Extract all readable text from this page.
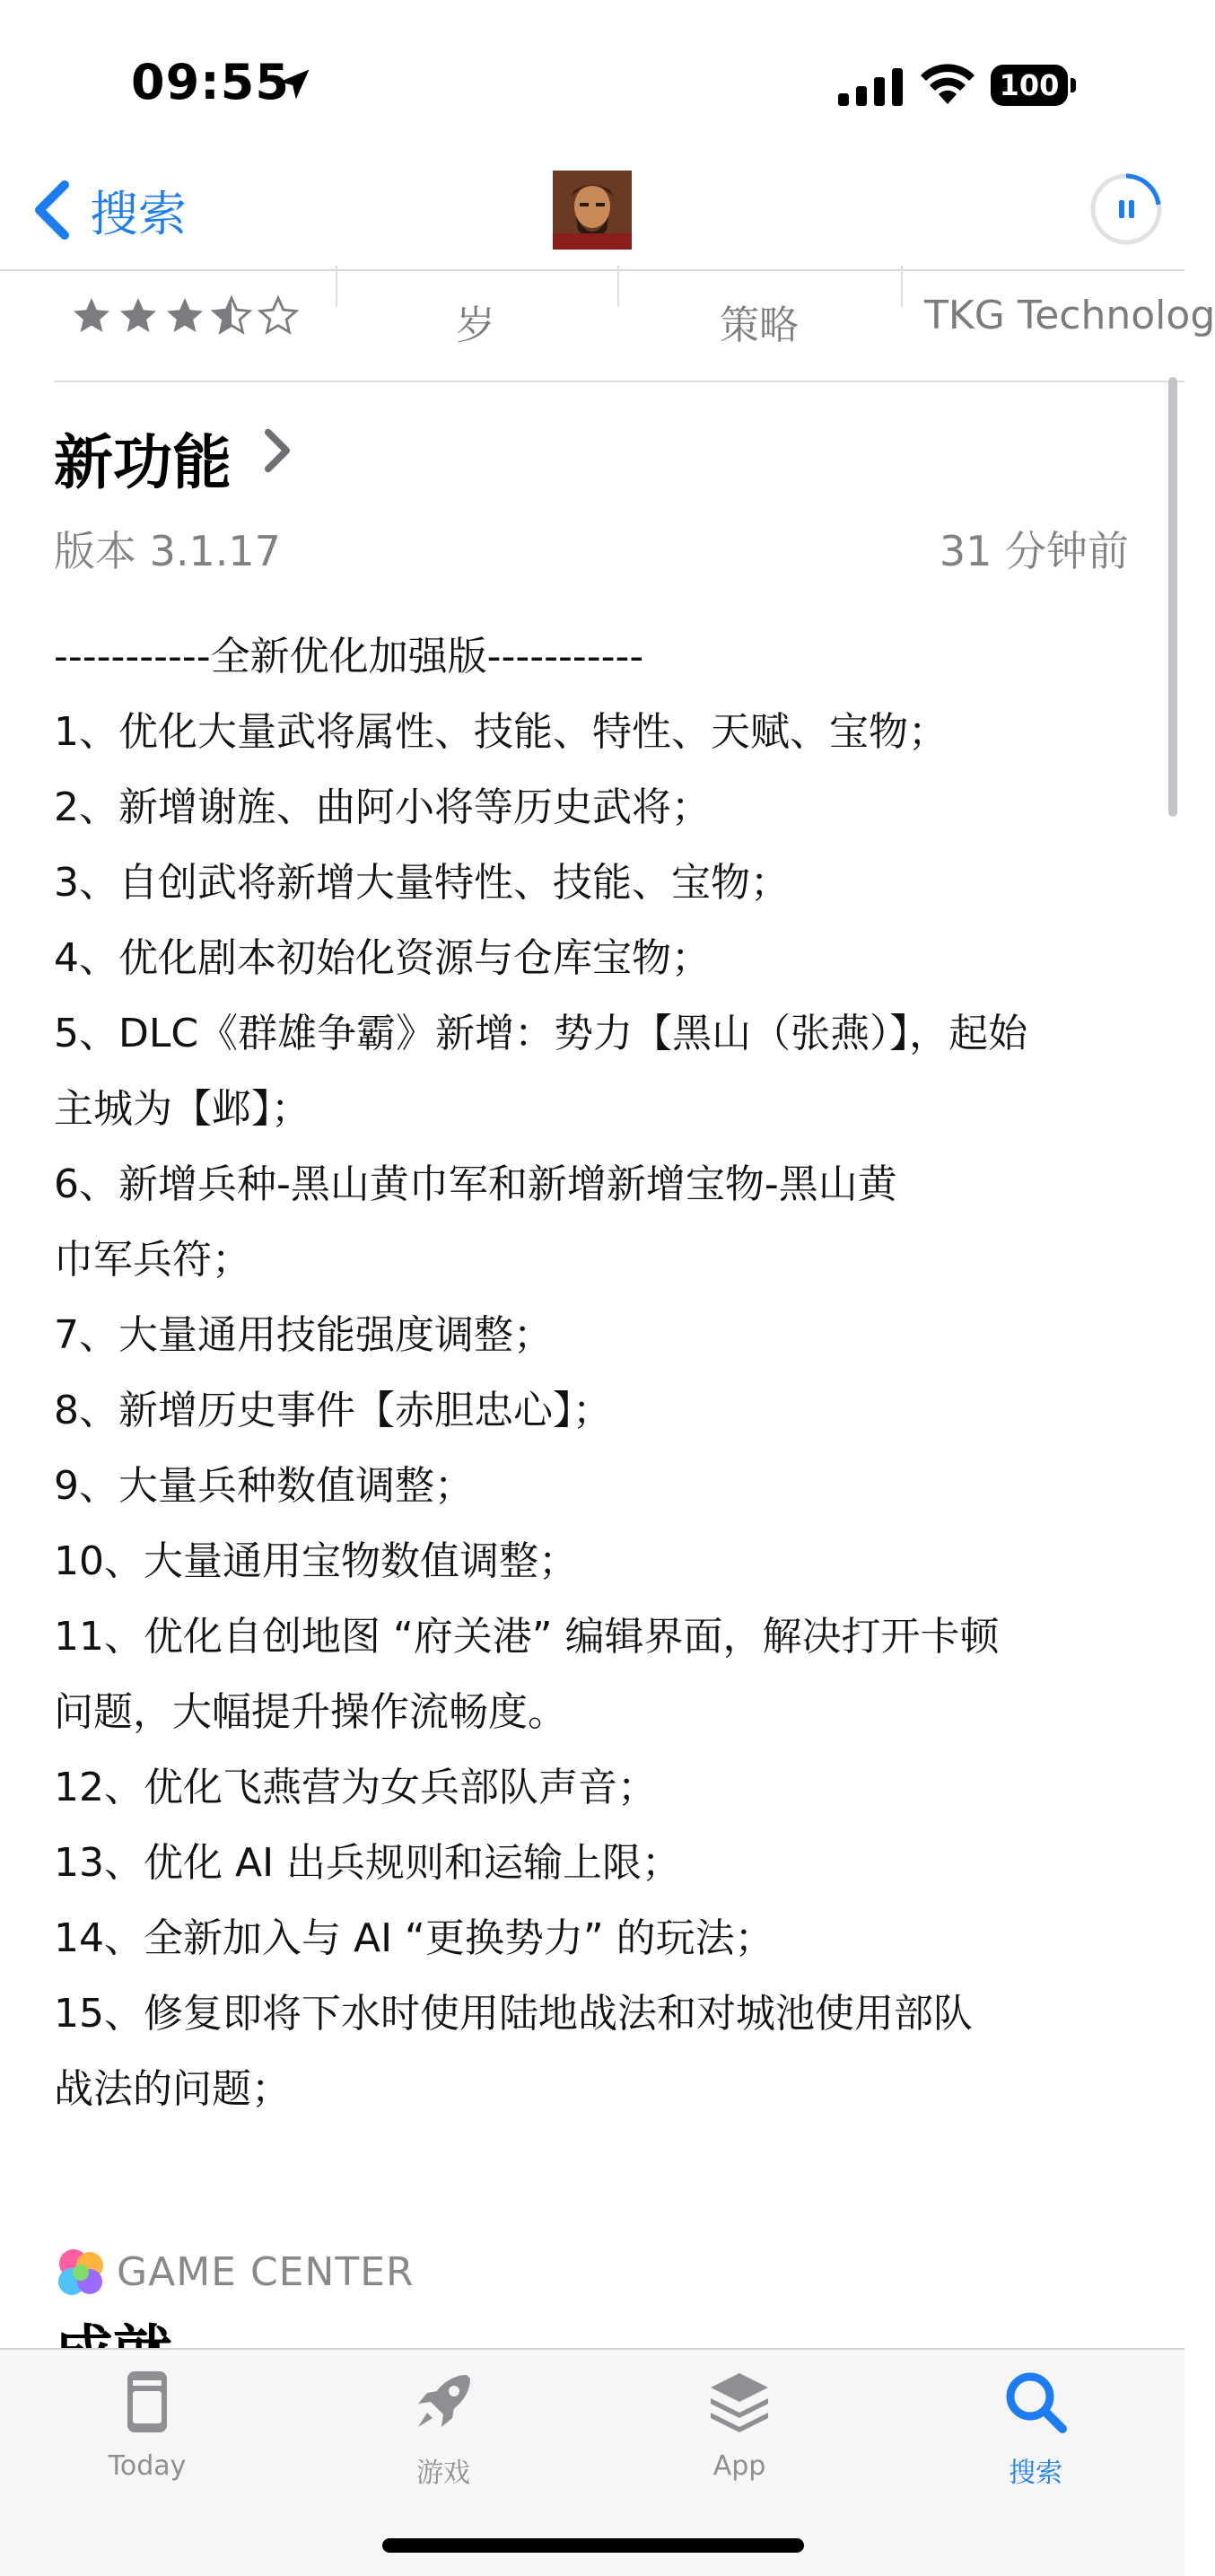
09:55	100
搜索
岁	策略	TKG Technolog
新功能
版本 3.1.17	31 分钟前
-----------全新优化加强版-----------
1、优化大量武将属性、技能、特性、天赋、宝物；
2、新增谢旌、曲阿小将等历史武将；
3、自创武将新增大量特性、技能、宝物；
4、优化剧本初始化资源与仓库宝物；
5、DLC《群雄争霸》新增：势力【黑山（张燕）】，起始
主城为【邺】；
6、新增兵种-黑山黄巾军和新增新增宝物-黑山黄
巾军兵符；
7、大量通用技能强度调整；
8、新增历史事件【赤胆忠心】；
9、大量兵种数值调整；
10、大量通用宝物数值调整；
11、优化自创地图 “府关港” 编辑界面，解决打开卡顿
问题，大幅提升操作流畅度。
12、优化飞燕营为女兵部队声音；
13、优化 AI 出兵规则和运输上限；
14、全新加入与 AI “更换势力” 的玩法；
15、修复即将下水时使用陆地战法和对城池使用部队
战法的问题；
GAME CENTER
Today	游戏	App	搜索
